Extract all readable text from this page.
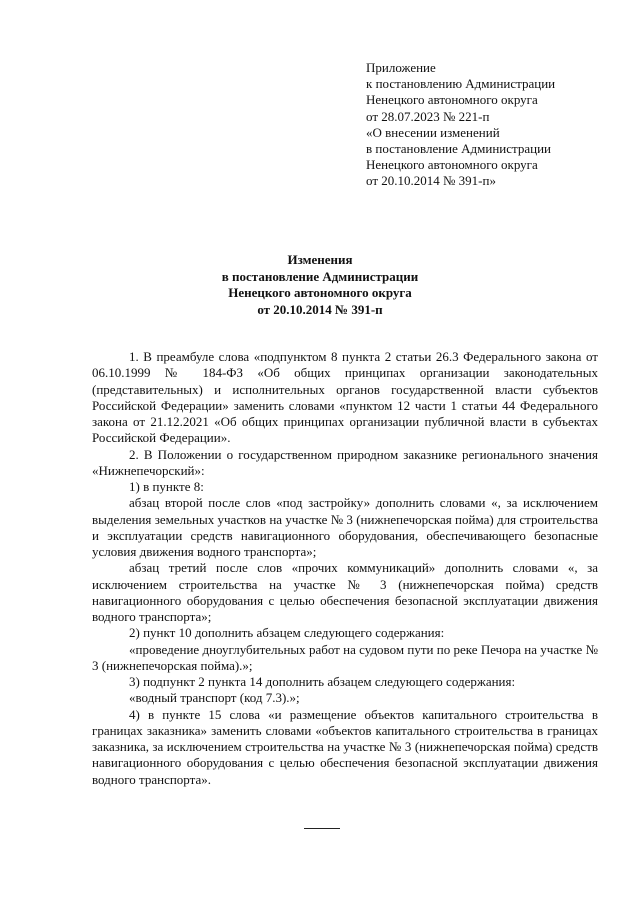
Приложение
к постановлению Администрации
Ненецкого автономного округа
от 28.07.2023 № 221-п
«О внесении изменений
в постановление Администрации
Ненецкого автономного округа
от 20.10.2014 № 391-п»
Изменения
в постановление Администрации
Ненецкого автономного округа
от 20.10.2014 № 391-п

1. В преамбуле слова «подпунктом 8 пункта 2 статьи 26.3 Федерального закона от 06.10.1999 № 184-ФЗ «Об общих принципах организации законодательных (представительных) и исполнительных органов государственной власти субъектов Российской Федерации» заменить словами «пунктом 12 части 1 статьи 44 Федерального закона от 21.12.2021 «Об общих принципах организации публичной власти в субъектах Российской Федерации».

2. В Положении о государственном природном заказнике регионального значения «Нижнепечорский»:

1) в пункте 8:

абзац второй после слов «под застройку» дополнить словами «, за исключением выделения земельных участков на участке № 3 (нижнепечорская пойма) для строительства и эксплуатации средств навигационного оборудования, обеспечивающего безопасные условия движения водного транспорта»;

абзац третий после слов «прочих коммуникаций» дополнить словами «, за исключением строительства на участке № 3 (нижнепечорская пойма) средств навигационного оборудования с целью обеспечения безопасной эксплуатации движения водного транспорта»;

2) пункт 10 дополнить абзацем следующего содержания:

«проведение дноуглубительных работ на судовом пути по реке Печора на участке № 3 (нижнепечорская пойма).»;

3) подпункт 2 пункта 14 дополнить абзацем следующего содержания:

«водный транспорт (код 7.3).»;

4) в пункте 15 слова «и размещение объектов капитального строительства в границах заказника» заменить словами «объектов капитального строительства в границах заказника, за исключением строительства на участке № 3 (нижнепечорская пойма) средств навигационного оборудования с целью обеспечения безопасной эксплуатации движения водного транспорта».
